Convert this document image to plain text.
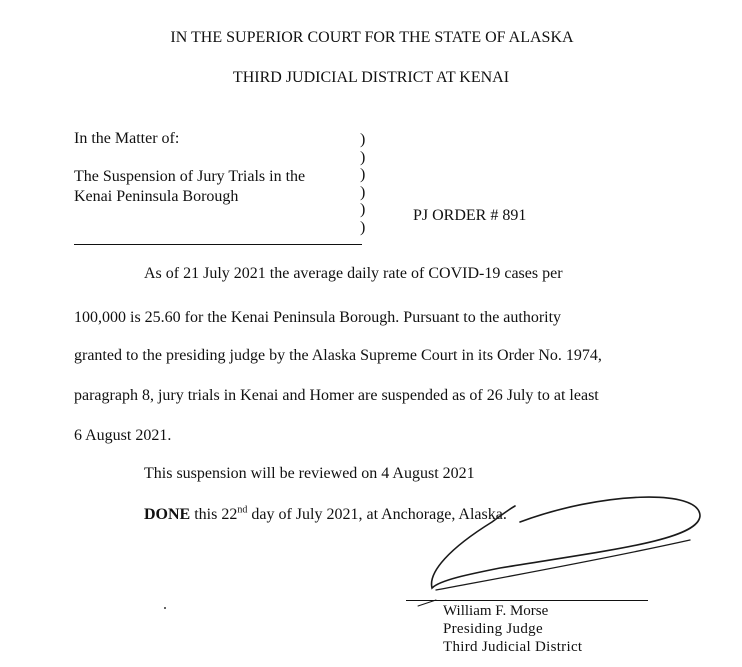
IN THE SUPERIOR COURT FOR THE STATE OF ALASKA
THIRD JUDICIAL DISTRICT AT KENAI
In the Matter of:
The Suspension of Jury Trials in the
Kenai Peninsula Borough
)
)
)
)
)
)
PJ ORDER # 891
As of 21 July 2021 the average daily rate of COVID-19 cases per
100,000 is 25.60 for the Kenai Peninsula Borough. Pursuant to the authority
granted to the presiding judge by the Alaska Supreme Court in its Order No. 1974,
paragraph 8, jury trials in Kenai and Homer are suspended as of 26 July to at least
6 August 2021.
This suspension will be reviewed on 4 August 2021
DONE this 22nd day of July 2021, at Anchorage, Alaska.
William F. Morse
Presiding Judge
Third Judicial District
